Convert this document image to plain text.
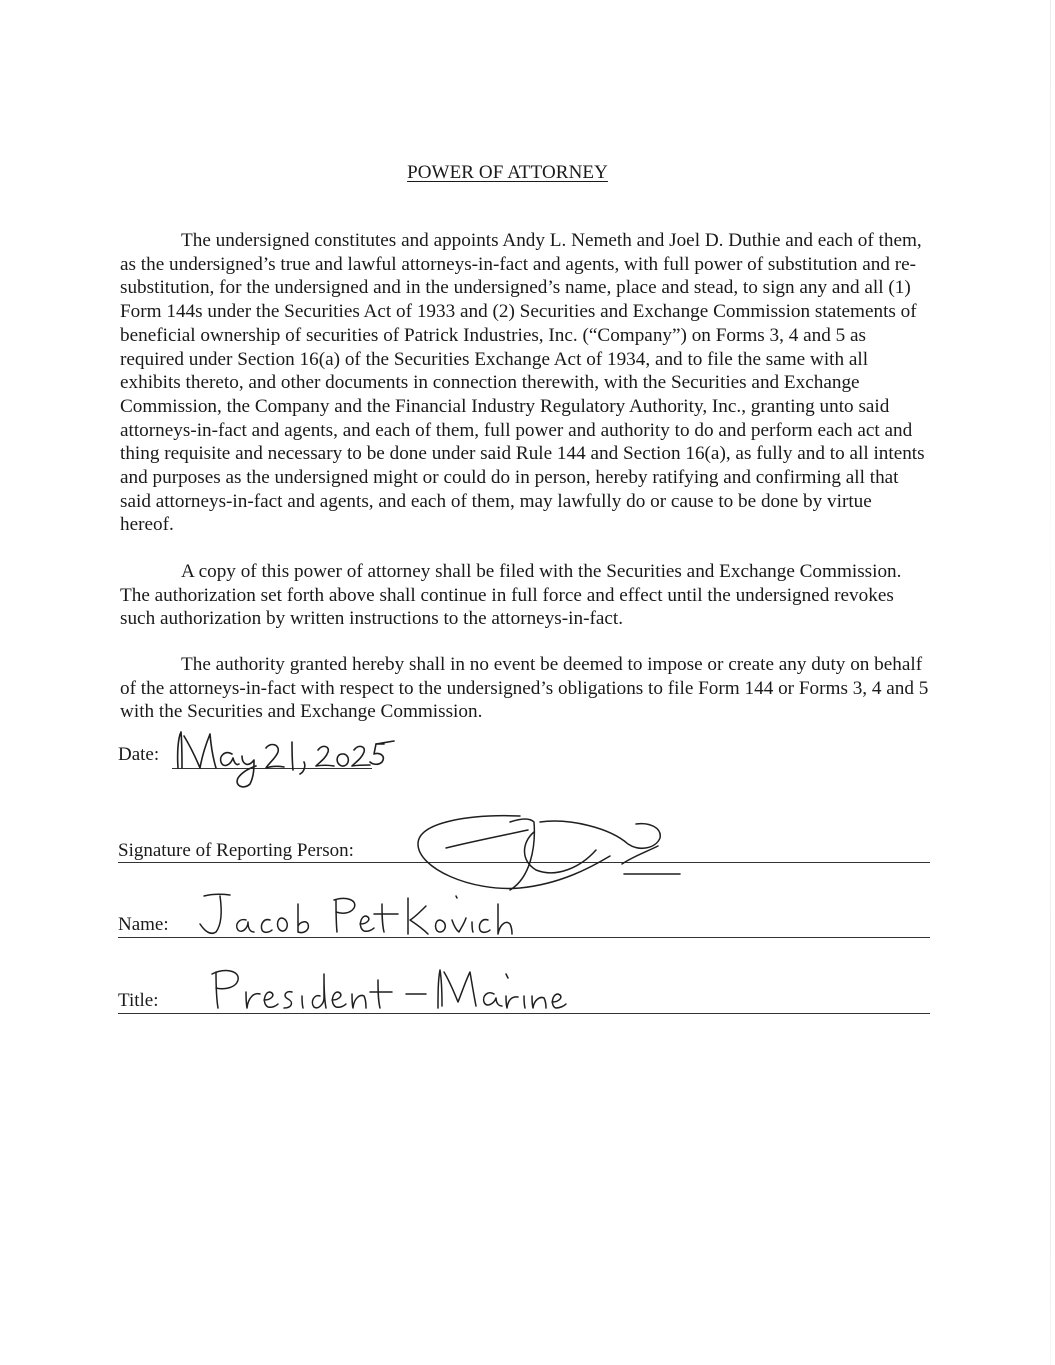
POWER OF ATTORNEY

The undersigned constitutes and appoints Andy L. Nemeth and Joel D. Duthie and each of them, as the undersigned’s true and lawful attorneys-in-fact and agents, with full power of substitution and re-substitution, for the undersigned and in the undersigned’s name, place and stead, to sign any and all (1) Form 144s under the Securities Act of 1933 and (2) Securities and Exchange Commission statements of beneficial ownership of securities of Patrick Industries, Inc. (“Company”) on Forms 3, 4 and 5 as required under Section 16(a) of the Securities Exchange Act of 1934, and to file the same with all exhibits thereto, and other documents in connection therewith, with the Securities and Exchange Commission, the Company and the Financial Industry Regulatory Authority, Inc., granting unto said attorneys-in-fact and agents, and each of them, full power and authority to do and perform each act and thing requisite and necessary to be done under said Rule 144 and Section 16(a), as fully and to all intents and purposes as the undersigned might or could do in person, hereby ratifying and confirming all that said attorneys-in-fact and agents, and each of them, may lawfully do or cause to be done by virtue hereof.

A copy of this power of attorney shall be filed with the Securities and Exchange Commission. The authorization set forth above shall continue in full force and effect until the undersigned revokes such authorization by written instructions to the attorneys-in-fact.

The authority granted hereby shall in no event be deemed to impose or create any duty on behalf of the attorneys-in-fact with respect to the undersigned’s obligations to file Form 144 or Forms 3, 4 and 5 with the Securities and Exchange Commission.

Date:
Signature of Reporting Person:
Name:
Title:
